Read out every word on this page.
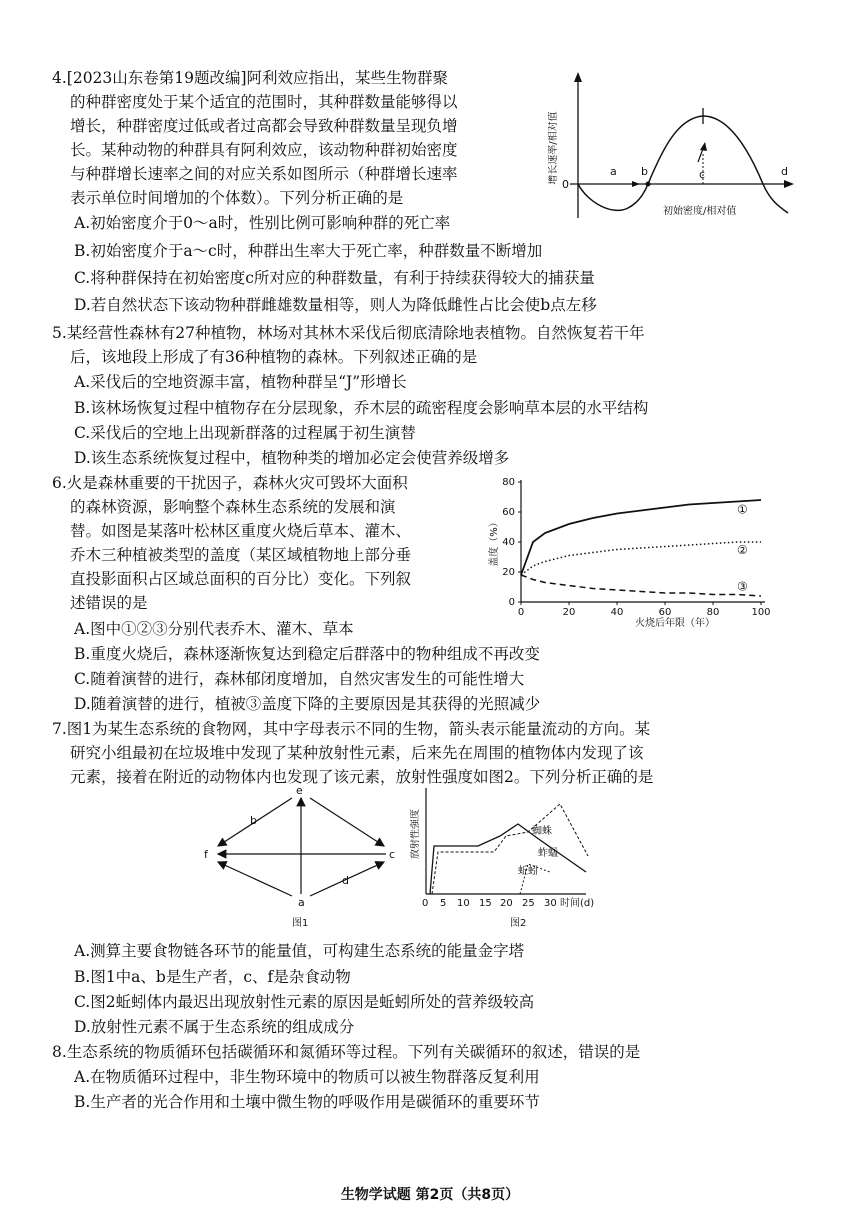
4.[2023山东卷第19题改编]阿利效应指出，某些生物群聚
的种群密度处于某个适宜的范围时，其种群数量能够得以
增长，种群密度过低或者过高都会导致种群数量呈现负增
长。某种动物的种群具有阿利效应，该动物种群初始密度
与种群增长速率之间的对应关系如图所示（种群增长速率
表示单位时间增加的个体数）。下列分析正确的是
A.初始密度介于0～a时，性别比例可影响种群的死亡率
B.初始密度介于a～c时，种群出生率大于死亡率，种群数量不断增加
C.将种群保持在初始密度c所对应的种群数量，有利于持续获得较大的捕获量
D.若自然状态下该动物种群雌雄数量相等，则人为降低雌性占比会使b点左移
增长速率/相对值 0
a b	c	d
初始密度/相对值
5.某经营性森林有27种植物，林场对其林木采伐后彻底清除地表植物。自然恢复若干年
后，该地段上形成了有36种植物的森林。下列叙述正确的是
A.采伐后的空地资源丰富，植物种群呈“J”形增长
B.该林场恢复过程中植物存在分层现象，乔木层的疏密程度会影响草本层的水平结构
C.采伐后的空地上出现新群落的过程属于初生演替
D.该生态系统恢复过程中，植物种类的增加必定会使营养级增多
6.火是森林重要的干扰因子，森林火灾可毁坏大面积
的森林资源，影响整个森林生态系统的发展和演
替。如图是某落叶松林区重度火烧后草本、灌木、
乔木三种植被类型的盖度（某区域植物地上部分垂
直投影面积占区域总面积的百分比）变化。下列叙
述错误的是
A.图中①②③分别代表乔木、灌木、草本
B.重度火烧后，森林逐渐恢复达到稳定后群落中的物种组成不再改变
C.随着演替的进行，森林郁闭度增加，自然灾害发生的可能性增大
D.随着演替的进行，植被③盖度下降的主要原因是其获得的光照减少
盖度（%）
火烧后年限（年）
0	20	40	60	80	100
0
20
40
60
80
①
②
③
7.图1为某生态系统的食物网，其中字母表示不同的生物，箭头表示能量流动的方向。某
研究小组最初在垃圾堆中发现了某种放射性元素，后来先在周围的植物体内发现了该
元素，接着在附近的动物体内也发现了该元素，放射性强度如图2。下列分析正确的是
a
b
c
d
e
f
图1
放射性强度	蜘蛛
蚱蜢
蚯蚓
0 5 10 15 20 25 30 时间(d)
图2
A.测算主要食物链各环节的能量值，可构建生态系统的能量金字塔
B.图1中a、b是生产者，c、f是杂食动物
C.图2蚯蚓体内最迟出现放射性元素的原因是蚯蚓所处的营养级较高
D.放射性元素不属于生态系统的组成成分
8.生态系统的物质循环包括碳循环和氮循环等过程。下列有关碳循环的叙述，错误的是
A.在物质循环过程中，非生物环境中的物质可以被生物群落反复利用
B.生产者的光合作用和土壤中微生物的呼吸作用是碳循环的重要环节
生物学试题 第2页（共8页）
